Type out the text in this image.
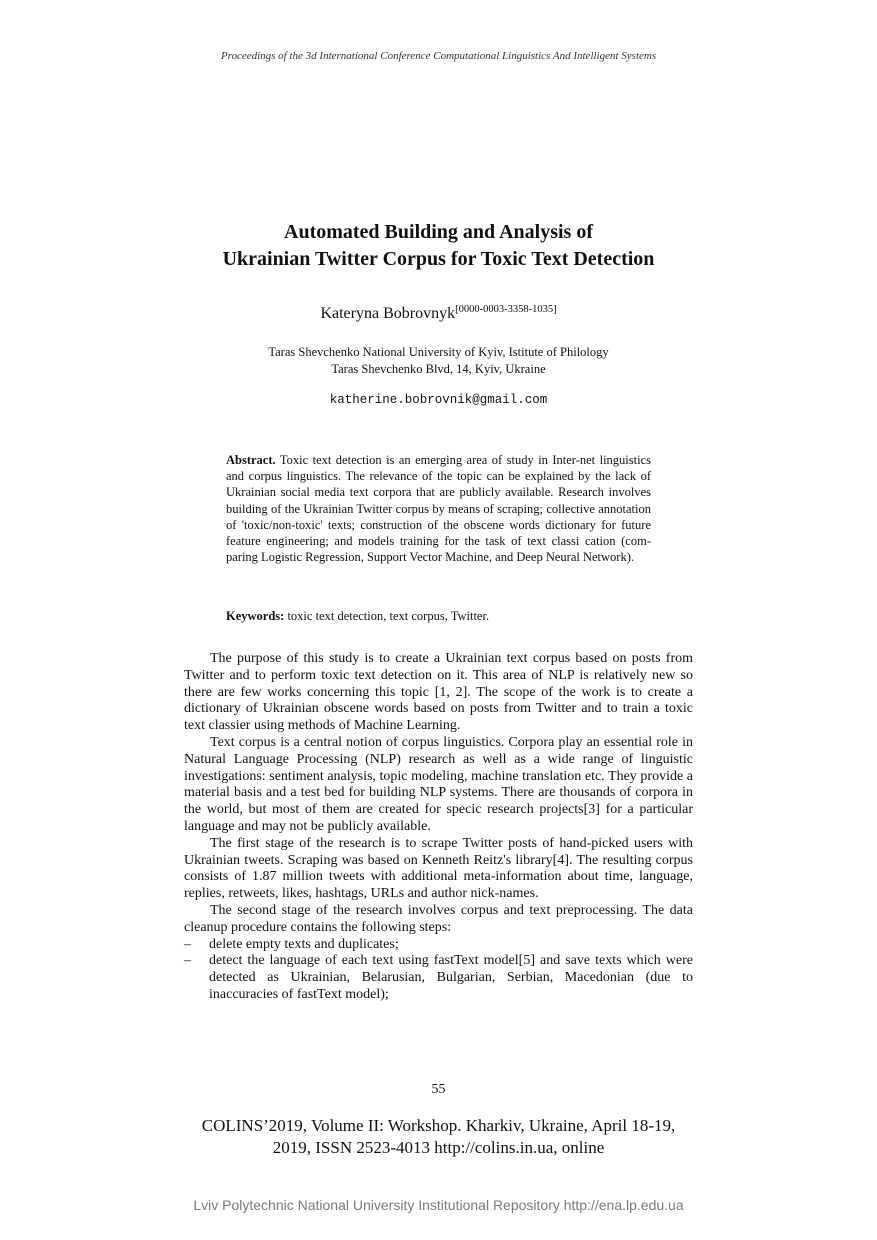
Proceedings of the 3d International Conference Computational Linguistics And Intelligent Systems
Automated Building and Analysis of
Ukrainian Twitter Corpus for Toxic Text Detection
Kateryna Bobrovnyk[0000-0003-3358-1035]
Taras Shevchenko National University of Kyiv, Istitute of Philology
Taras Shevchenko Blvd, 14, Kyiv, Ukraine
katherine.bobrovnik@gmail.com
Abstract. Toxic text detection is an emerging area of study in Inter-net linguistics and corpus linguistics. The relevance of the topic can be explained by the lack of Ukrainian social media text corpora that are publicly available. Research involves building of the Ukrainian Twitter corpus by means of scraping; collective annotation of 'toxic/non-toxic' texts; construction of the obscene words dictionary for future feature engineering; and models training for the task of text classi cation (com-paring Logistic Regression, Support Vector Machine, and Deep Neural Network).
Keywords: toxic text detection, text corpus, Twitter.

The purpose of this study is to create a Ukrainian text corpus based on posts from Twitter and to perform toxic text detection on it. This area of NLP is relatively new so there are few works concerning this topic [1, 2]. The scope of the work is to create a dictionary of Ukrainian obscene words based on posts from Twitter and to train a toxic text classier using methods of Machine Learning.

Text corpus is a central notion of corpus linguistics. Corpora play an essential role in Natural Language Processing (NLP) research as well as a wide range of linguistic investigations: sentiment analysis, topic modeling, machine translation etc. They provide a material basis and a test bed for building NLP systems. There are thousands of corpora in the world, but most of them are created for specic research projects[3] for a particular language and may not be publicly available.

The first stage of the research is to scrape Twitter posts of hand-picked users with Ukrainian tweets. Scraping was based on Kenneth Reitz's library[4]. The resulting corpus consists of 1.87 million tweets with additional meta-information about time, language, replies, retweets, likes, hashtags, URLs and author nick-names.

The second stage of the research involves corpus and text preprocessing. The data cleanup procedure contains the following steps:

– delete empty texts and duplicates;
– detect the language of each text using fastText model[5] and save texts which were detected as Ukrainian, Belarusian, Bulgarian, Serbian, Macedonian (due to inaccuracies of fastText model);
55
COLINS’2019, Volume II: Workshop. Kharkiv, Ukraine, April 18-19,
2019, ISSN 2523-4013 http://colins.in.ua, online
Lviv Polytechnic National University Institutional Repository http://ena.lp.edu.ua
